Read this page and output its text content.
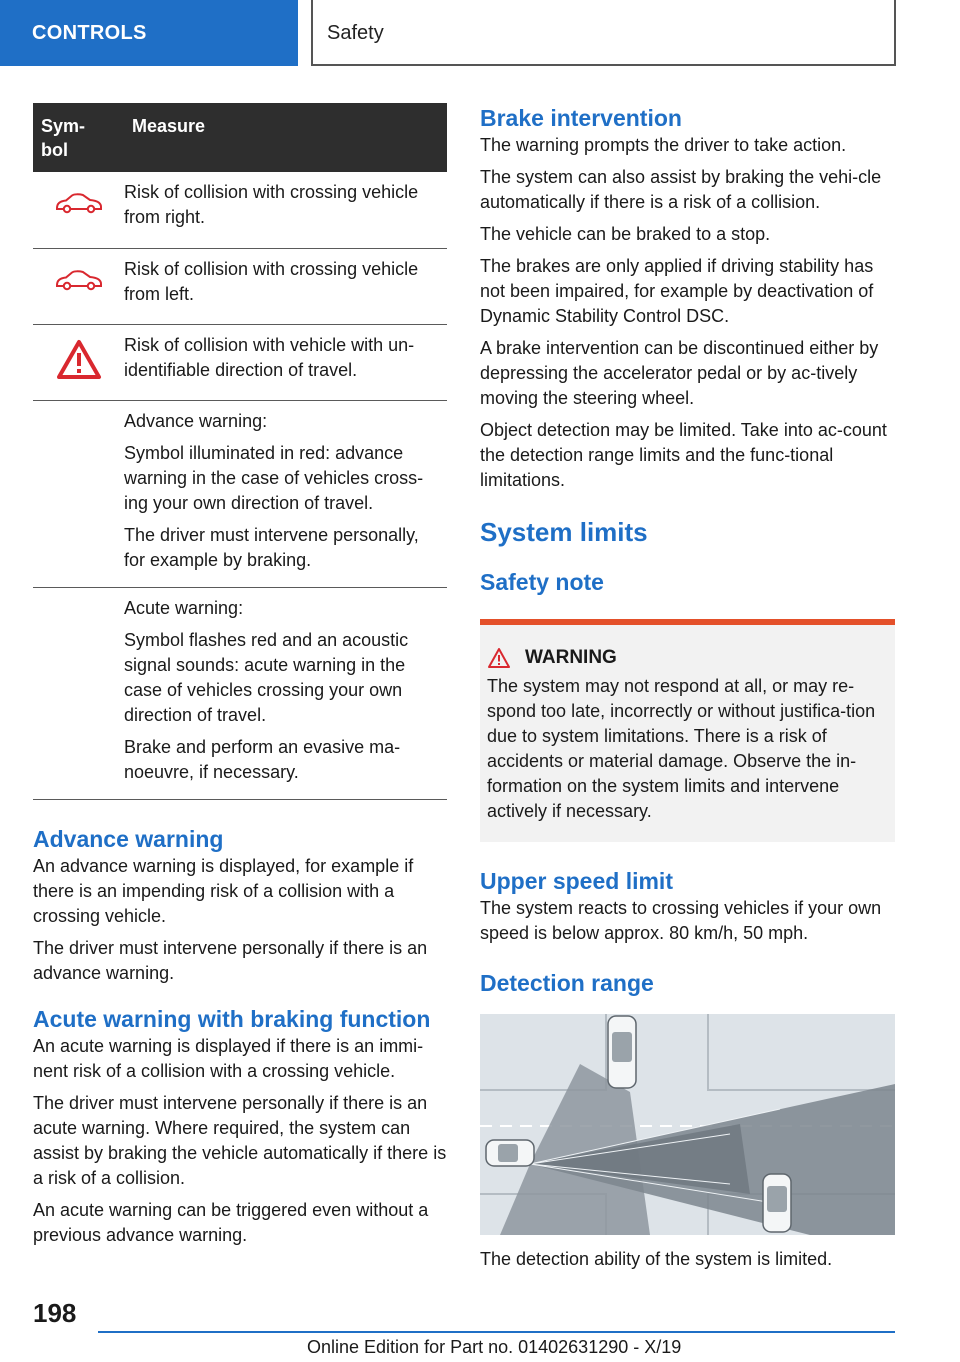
CONTROLS	Safety
Sym-
bol	Measure

Risk of collision with crossing vehicle from right.

Risk of collision with crossing vehicle from left.

Risk of collision with vehicle with un-identifiable direction of travel.

	Advance warning:

Symbol illuminated in red: advance warning in the case of vehicles cross-ing your own direction of travel.

The driver must intervene personally, for example by braking.

	Acute warning:

Symbol flashes red and an acoustic signal sounds: acute warning in the case of vehicles crossing your own direction of travel.

Brake and perform an evasive ma-noeuvre, if necessary.

Advance warning

An advance warning is displayed, for example if there is an impending risk of a collision with a crossing vehicle.

The driver must intervene personally if there is an advance warning.

Acute warning with braking function

An acute warning is displayed if there is an immi-nent risk of a collision with a crossing vehicle.

The driver must intervene personally if there is an acute warning. Where required, the system can assist by braking the vehicle automatically if there is a risk of a collision.

An acute warning can be triggered even without a previous advance warning.

Brake intervention

The warning prompts the driver to take action.

The system can also assist by braking the vehi-cle automatically if there is a risk of a collision.

The vehicle can be braked to a stop.

The brakes are only applied if driving stability has not been impaired, for example by deactivation of Dynamic Stability Control DSC.

A brake intervention can be discontinued either by depressing the accelerator pedal or by ac-tively moving the steering wheel.

Object detection may be limited. Take into ac-count the detection range limits and the func-tional limitations.

System limits
Safety note
WARNING

The system may not respond at all, or may re-spond too late, incorrectly or without justifica-tion due to system limitations. There is a risk of accidents or material damage. Observe the in-formation on the system limits and intervene actively if necessary.

Upper speed limit

The system reacts to crossing vehicles if your own speed is below approx. 80 km/h, 50 mph.

Detection range

The detection ability of the system is limited.

198
Online Edition for Part no. 01402631290 - X/19
